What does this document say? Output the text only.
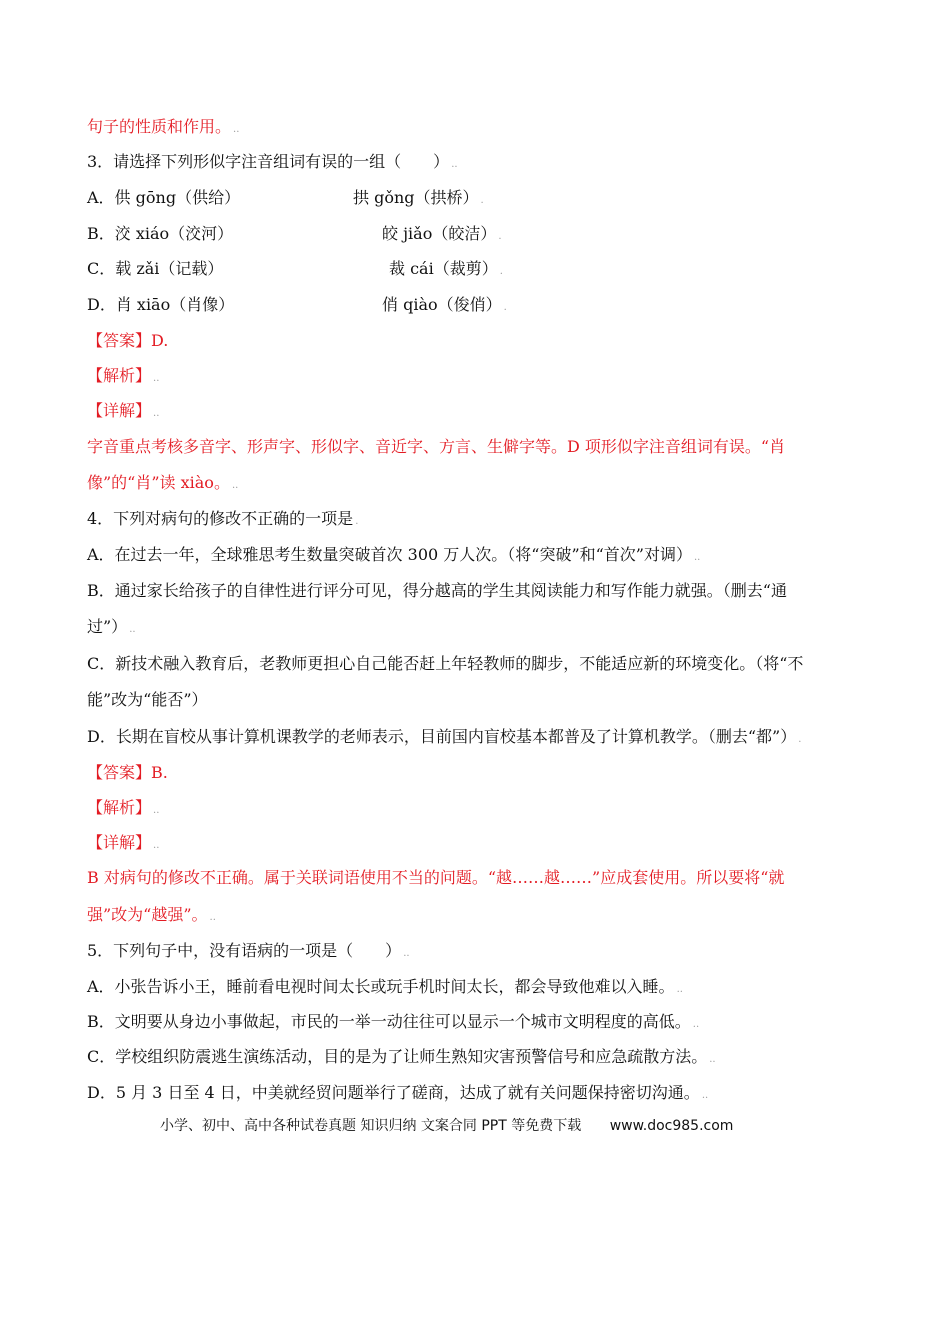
句子的性质和作用。 ..
3．请选择下列形似字注音组词有误的一组（　　） ..
A．供 gōng（供给）	拱 gǒng（拱桥） .
B．洨 xiáo（洨河）	皎 jiǎo（皎洁） .
C．载 zǎi（记载）	裁 cái（裁剪） .
D．肖 xiāo（肖像）	俏 qiào（俊俏） .
【答案】D.
【解析】 ..
【详解】 ..
字音重点考核多音字、形声字、形似字、音近字、方言、生僻字等。D 项形似字注音组词有误。“肖
像”的“肖”读 xiào。 ..
4．下列对病句的修改不正确的一项是 .
A．在过去一年，全球雅思考生数量突破首次 300 万人次。（将“突破”和“首次”对调） ..
B．通过家长给孩子的自律性进行评分可见，得分越高的学生其阅读能力和写作能力就强。（删去“通
过”） ..
C．新技术融入教育后，老教师更担心自己能否赶上年轻教师的脚步，不能适应新的环境变化。（将“不
能”改为“能否”）
D．长期在盲校从事计算机课教学的老师表示，目前国内盲校基本都普及了计算机教学。（删去“都”） .
【答案】B.
【解析】 ..
【详解】 ..
B 对病句的修改不正确。属于关联词语使用不当的问题。“越……越……”应成套使用。所以要将“就
强”改为“越强”。 ..
5．下列句子中，没有语病的一项是（　　） ..
A．小张告诉小王，睡前看电视时间太长或玩手机时间太长，都会导致他难以入睡。 ..
B．文明要从身边小事做起，市民的一举一动往往可以显示一个城市文明程度的高低。 ..
C．学校组织防震逃生演练活动，目的是为了让师生熟知灾害预警信号和应急疏散方法。 ..
D．5 月 3 日至 4 日，中美就经贸问题举行了磋商，达成了就有关问题保持密切沟通。 ..
小学、初中、高中各种试卷真题 知识归纳 文案合同 PPT 等免费下载 www.doc985.com
